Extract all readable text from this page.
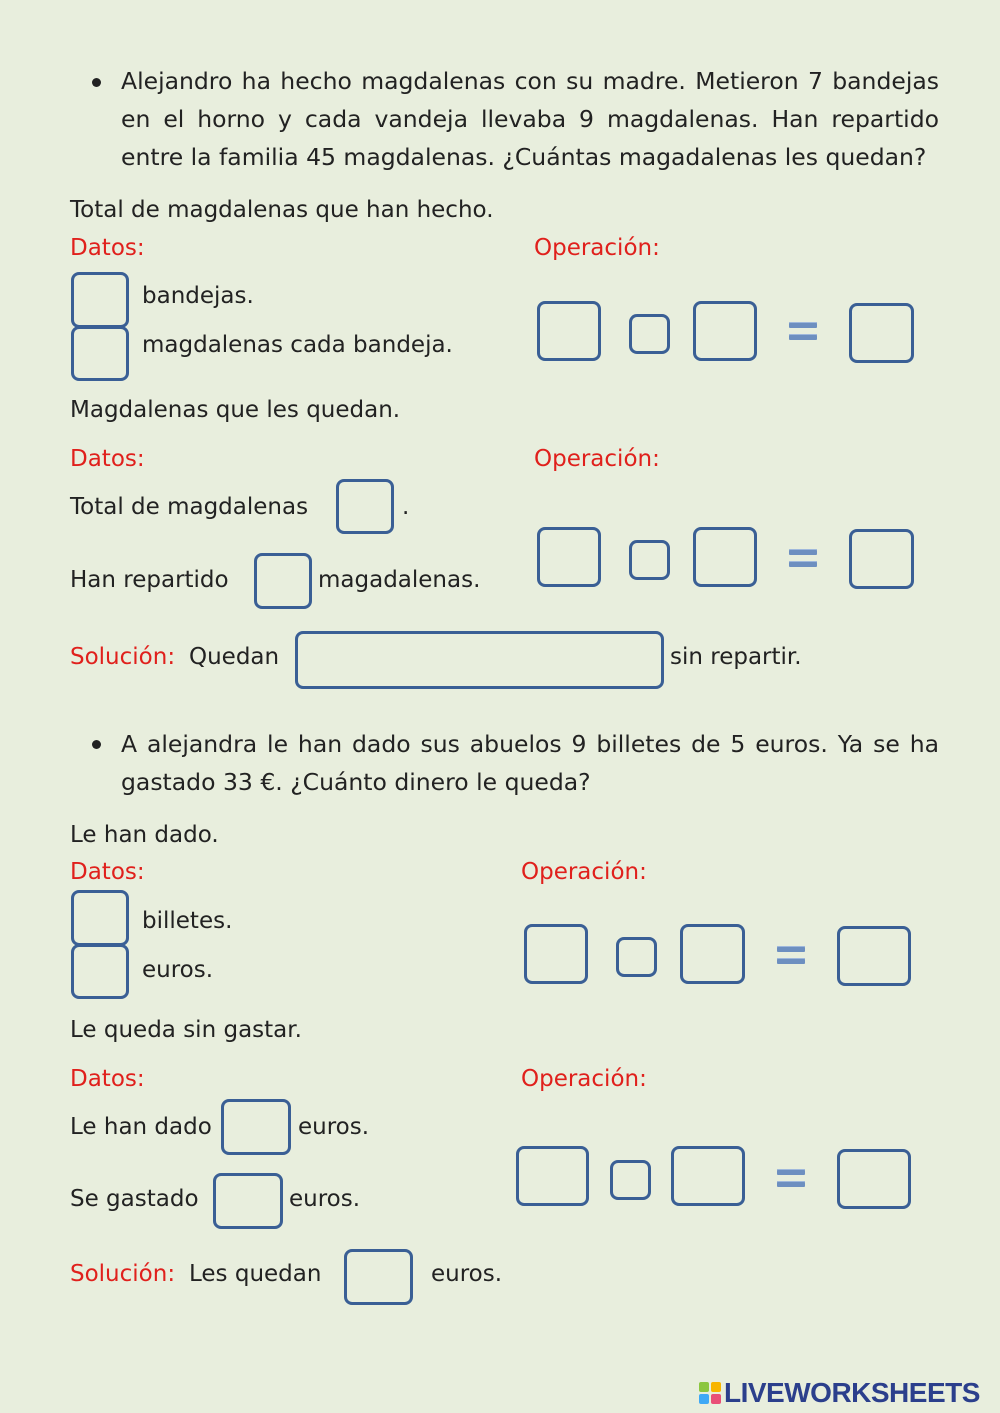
Alejandro ha hecho magdalenas con su madre. Metieron 7 bandejas en el horno y cada vandeja llevaba 9 magdalenas. Han repartido entre la familia 45 magdalenas. ¿Cuántas magadalenas les quedan?
Total de magdalenas que han hecho.
Datos:	Operación:
bandejas.
magdalenas cada bandeja.
Magdalenas que les quedan.
Datos:	Operación:
Total de magdalenas	.
Han repartido	magadalenas.
Solución: Quedan	sin repartir.
A alejandra le han dado sus abuelos 9 billetes de 5 euros. Ya se ha gastado 33 €. ¿Cuánto dinero le queda?
Le han dado.
Datos:	Operación:
billetes.
euros.
Le queda sin gastar.
Datos:	Operación:
Le han dado	euros.
Se gastado	euros.
Solución: Les quedan	euros.
LIVEWORKSHEETS
